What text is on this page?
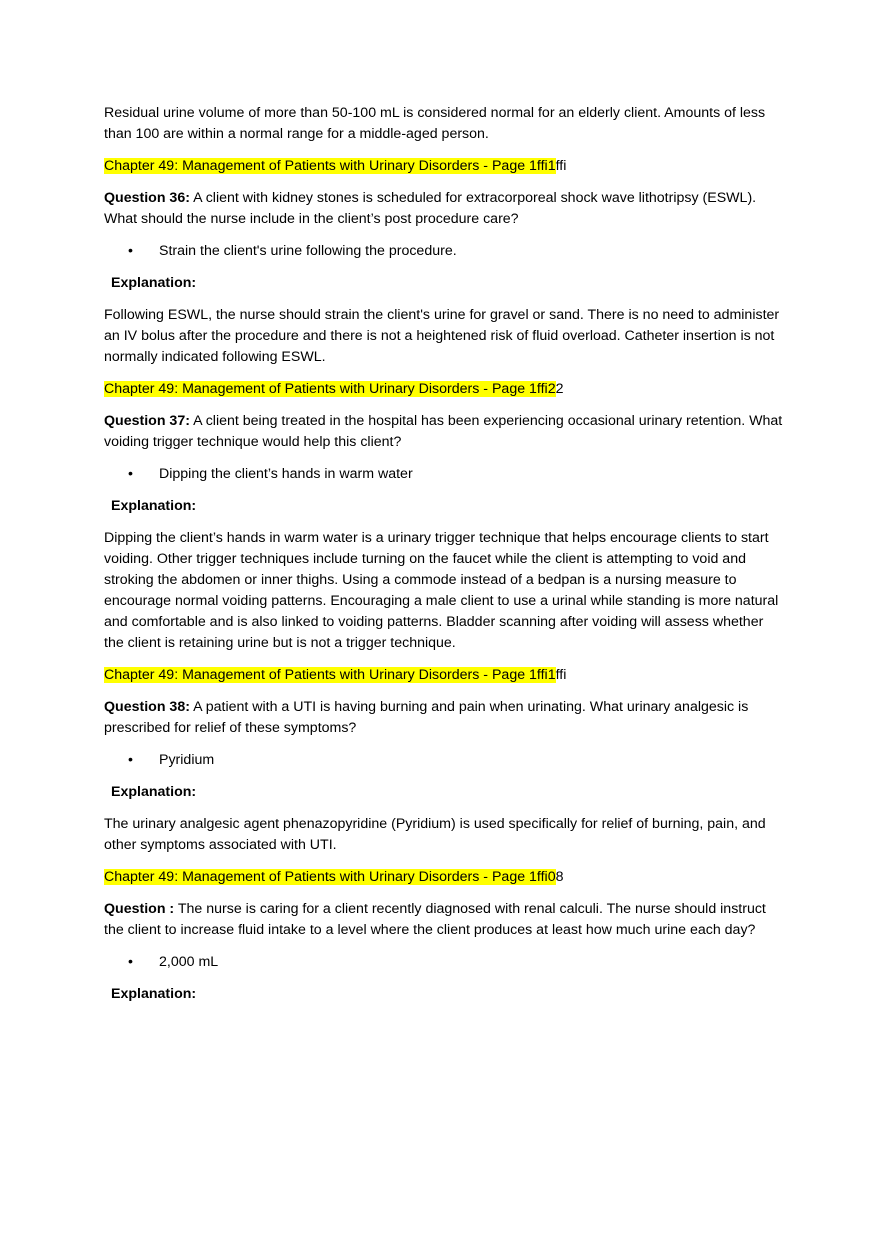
Residual urine volume of more than 50-100 mL is considered normal for an elderly client. Amounts of less than 100 are within a normal range for a middle-aged person.

Chapter 49: Management of Patients with Urinary Disorders - Page 1ffi1ffi

Question 36: A client with kidney stones is scheduled for extracorporeal shock wave lithotripsy (ESWL). What should the nurse include in the client’s post procedure care?

•	Strain the client's urine following the procedure.

Explanation:

Following ESWL, the nurse should strain the client's urine for gravel or sand. There is no need to administer an IV bolus after the procedure and there is not a heightened risk of fluid overload. Catheter insertion is not normally indicated following ESWL.

Chapter 49: Management of Patients with Urinary Disorders - Page 1ffi22

Question 37: A client being treated in the hospital has been experiencing occasional urinary retention. What voiding trigger technique would help this client?

•	Dipping the client’s hands in warm water

Explanation:

Dipping the client’s hands in warm water is a urinary trigger technique that helps encourage clients to start voiding. Other trigger techniques include turning on the faucet while the client is attempting to void and stroking the abdomen or inner thighs. Using a commode instead of a bedpan is a nursing measure to encourage normal voiding patterns. Encouraging a male client to use a urinal while standing is more natural and comfortable and is also linked to voiding patterns. Bladder scanning after voiding will assess whether the client is retaining urine but is not a trigger technique.

Chapter 49: Management of Patients with Urinary Disorders - Page 1ffi1ffi

Question 38: A patient with a UTI is having burning and pain when urinating. What urinary analgesic is prescribed for relief of these symptoms?

•	Pyridium

Explanation:

The urinary analgesic agent phenazopyridine (Pyridium) is used specifically for relief of burning, pain, and other symptoms associated with UTI.

Chapter 49: Management of Patients with Urinary Disorders - Page 1ffi08

Question : The nurse is caring for a client recently diagnosed with renal calculi. The nurse should instruct the client to increase fluid intake to a level where the client produces at least how much urine each day?

•	2,000 mL

Explanation:
